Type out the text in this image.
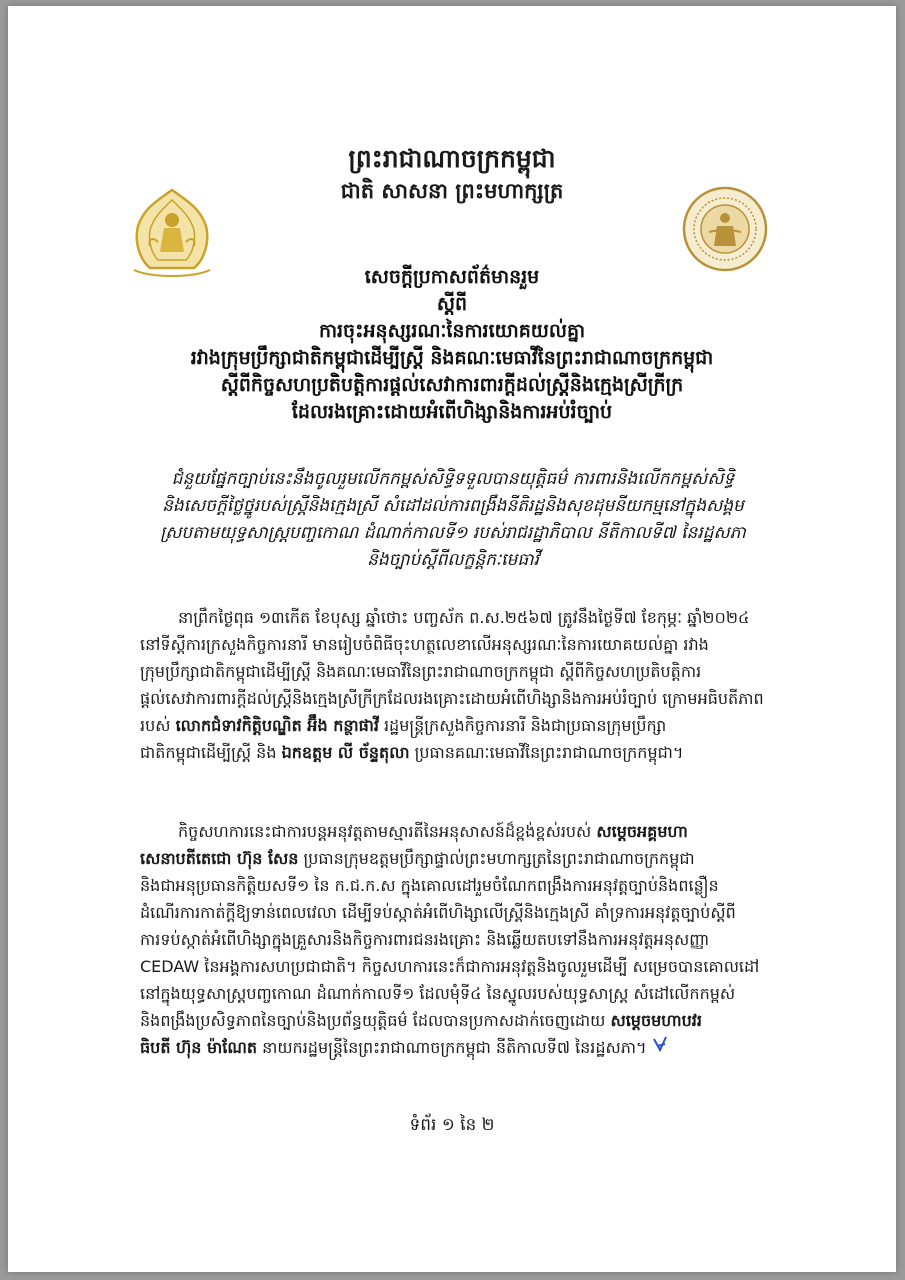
ព្រះរាជាណាចក្រកម្ពុជា
ជាតិ សាសនា ព្រះមហាក្សត្រ
សេចក្តីប្រកាសព័ត៌មានរួម
ស្តីពី
ការចុះអនុស្សរណៈនៃការយោគយល់គ្នា
រវាងក្រុមប្រឹក្សាជាតិកម្ពុជាដើម្បីស្ត្រី និងគណៈមេធាវីនៃព្រះរាជាណាចក្រកម្ពុជា
ស្តីពីកិច្ចសហប្រតិបត្តិការផ្តល់សេវាការពារក្តីដល់ស្ត្រីនិងក្មេងស្រីក្រីក្រ
ដែលរងគ្រោះដោយអំពើហិង្សានិងការអប់រំច្បាប់
ជំនួយផ្នែកច្បាប់នេះនឹងចូលរួមលើកកម្ពស់សិទ្ធិទទួលបានយុត្តិធម៌ ការពារនិងលើកកម្ពស់សិទ្ធិ
និងសេចក្តីថ្លៃថ្នូរបស់ស្ត្រីនិងក្មេងស្រី សំដៅដល់ការពង្រឹងនីតិរដ្ឋនិងសុខដុមនីយកម្មនៅក្នុងសង្គម
ស្របតាមយុទ្ធសាស្ត្របញ្ចកោណ ដំណាក់កាលទី១ របស់រាជរដ្ឋាភិបាល នីតិកាលទី៧ នៃរដ្ឋសភា
និងច្បាប់ស្តីពីលក្ខន្តិកៈមេធាវី
នាព្រឹកថ្ងៃពុធ ១៣កើត ខែបុស្ស ឆ្នាំថោះ បញ្ចស័ក ព.ស.២៥៦៧ ត្រូវនឹងថ្ងៃទី៧ ខែកុម្ភៈ ឆ្នាំ២០២៤
នៅទីស្តីការក្រសួងកិច្ចការនារី មានរៀបចំពិធីចុះហត្ថលេខាលើអនុស្សរណៈនៃការយោគយល់គ្នា រវាង
ក្រុមប្រឹក្សាជាតិកម្ពុជាដើម្បីស្ត្រី និងគណៈមេធាវីនៃព្រះរាជាណាចក្រកម្ពុជា ស្តីពីកិច្ចសហប្រតិបត្តិការ
ផ្តល់សេវាការពារក្តីដល់ស្ត្រីនិងក្មេងស្រីក្រីក្រដែលរងគ្រោះដោយអំពើហិង្សានិងការអប់រំច្បាប់ ក្រោមអធិបតីភាព
របស់ លោកជំទាវកិត្តិបណ្ឌិត អ៊ឹង កន្ថាផាវី រដ្ឋមន្ត្រីក្រសួងកិច្ចការនារី និងជាប្រធានក្រុមប្រឹក្សា
ជាតិកម្ពុជាដើម្បីស្ត្រី និង ឯកឧត្តម លី ច័ន្ទតុលា ប្រធានគណៈមេធាវីនៃព្រះរាជាណាចក្រកម្ពុជា។
កិច្ចសហការនេះជាការបន្តអនុវត្តតាមស្មារតីនៃអនុសាសន៍ដ៏ខ្ពង់ខ្ពស់របស់ សម្តេចអគ្គមហា
សេនាបតីតេជោ ហ៊ុន សែន ប្រធានក្រុមឧត្តមប្រឹក្សាផ្ទាល់ព្រះមហាក្សត្រនៃព្រះរាជាណាចក្រកម្ពុជា
និងជាអនុប្រធានកិត្តិយសទី១ នៃ ក.ជ.ក.ស ក្នុងគោលដៅរួមចំណែកពង្រឹងការអនុវត្តច្បាប់និងពន្លឿន
ដំណើរការកាត់ក្តីឱ្យទាន់ពេលវេលា ដើម្បីទប់ស្កាត់អំពើហិង្សាលើស្ត្រីនិងក្មេងស្រី គាំទ្រការអនុវត្តច្បាប់ស្តីពី
ការទប់ស្កាត់អំពើហិង្សាក្នុងគ្រួសារនិងកិច្ចការពារជនរងគ្រោះ និងឆ្លើយតបទៅនឹងការអនុវត្តអនុសញ្ញា
CEDAW នៃអង្គការសហប្រជាជាតិ។ កិច្ចសហការនេះក៏ជាការអនុវត្តនិងចូលរួមដើម្បី សម្រេចបានគោលដៅ
នៅក្នុងយុទ្ធសាស្ត្របញ្ចកោណ ដំណាក់កាលទី១ ដែលមុំទី៤ នៃស្នូលរបស់យុទ្ធសាស្ត្រ សំដៅលើកកម្ពស់
និងពង្រឹងប្រសិទ្ធភាពនៃច្បាប់និងប្រព័ន្ធយុត្តិធម៌ ដែលបានប្រកាសដាក់ចេញដោយ សម្តេចមហាបវរ
ធិបតី ហ៊ុន ម៉ាណែត នាយករដ្ឋមន្ត្រីនៃព្រះរាជាណាចក្រកម្ពុជា នីតិកាលទី៧ នៃរដ្ឋសភា។
ទំព័រ ១ នៃ ២
